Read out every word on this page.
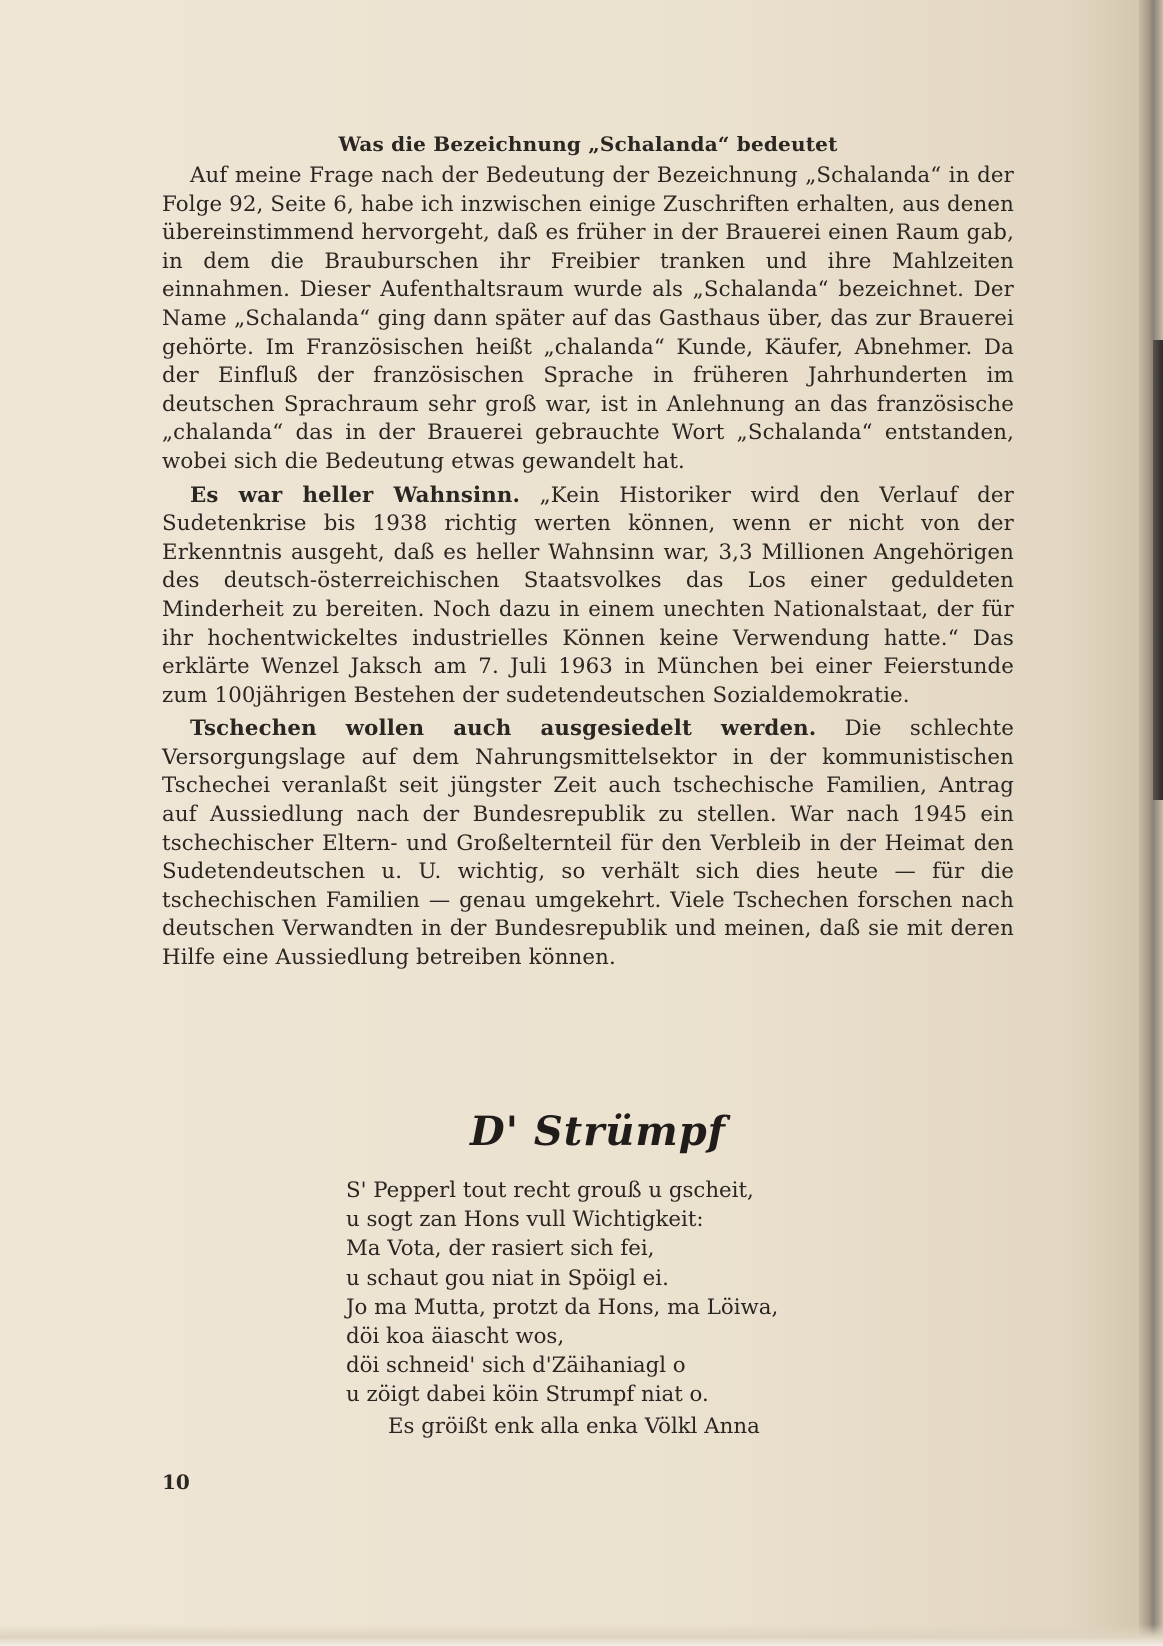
Was die Bezeichnung „Schalanda“ bedeutet

Auf meine Frage nach der Bedeutung der Bezeichnung „Schalanda“ in der Folge 92, Seite 6, habe ich inzwischen einige Zuschriften erhalten, aus denen übereinstimmend hervorgeht, daß es früher in der Brauerei einen Raum gab, in dem die Brauburschen ihr Freibier tranken und ihre Mahlzeiten einnahmen. Dieser Aufenthaltsraum wurde als „Schalanda“ bezeichnet. Der Name „Schalanda“ ging dann später auf das Gasthaus über, das zur Brauerei gehörte. Im Französischen heißt „chalanda“ Kunde, Käufer, Abnehmer. Da der Einfluß der französischen Sprache in früheren Jahrhunderten im deutschen Sprachraum sehr groß war, ist in Anlehnung an das französische „chalanda“ das in der Brauerei gebrauchte Wort „Schalanda“ entstanden, wobei sich die Bedeutung etwas gewandelt hat.

Es war heller Wahnsinn. „Kein Historiker wird den Verlauf der Sudetenkrise bis 1938 richtig werten können, wenn er nicht von der Erkenntnis ausgeht, daß es heller Wahnsinn war, 3,3 Millionen Angehörigen des deutsch-österreichischen Staatsvolkes das Los einer geduldeten Minderheit zu bereiten. Noch dazu in einem unechten Nationalstaat, der für ihr hochentwickeltes industrielles Können keine Verwendung hatte.“ Das erklärte Wenzel Jaksch am 7. Juli 1963 in München bei einer Feierstunde zum 100jährigen Bestehen der sudetendeutschen Sozialdemokratie.

Tschechen wollen auch ausgesiedelt werden. Die schlechte Versorgungslage auf dem Nahrungsmittelsektor in der kommunistischen Tschechei veranlaßt seit jüngster Zeit auch tschechische Familien, Antrag auf Aussiedlung nach der Bundesrepublik zu stellen. War nach 1945 ein tschechischer Eltern- und Großelternteil für den Verbleib in der Heimat den Sudetendeutschen u. U. wichtig, so verhält sich dies heute — für die tschechischen Familien — genau umgekehrt. Viele Tschechen forschen nach deutschen Verwandten in der Bundesrepublik und meinen, daß sie mit deren Hilfe eine Aussiedlung betreiben können.

D' Strümpf
S' Pepperl tout recht grouß u gscheit,
u sogt zan Hons vull Wichtigkeit:
Ma Vota, der rasiert sich fei,
u schaut gou niat in Spöigl ei.
Jo ma Mutta, protzt da Hons, ma Löiwa,
döi koa äiascht wos,
döi schneid' sich d'Zäihaniagl o
u zöigt dabei köin Strumpf niat o.
Es gröißt enk alla enka Völkl Anna
10
